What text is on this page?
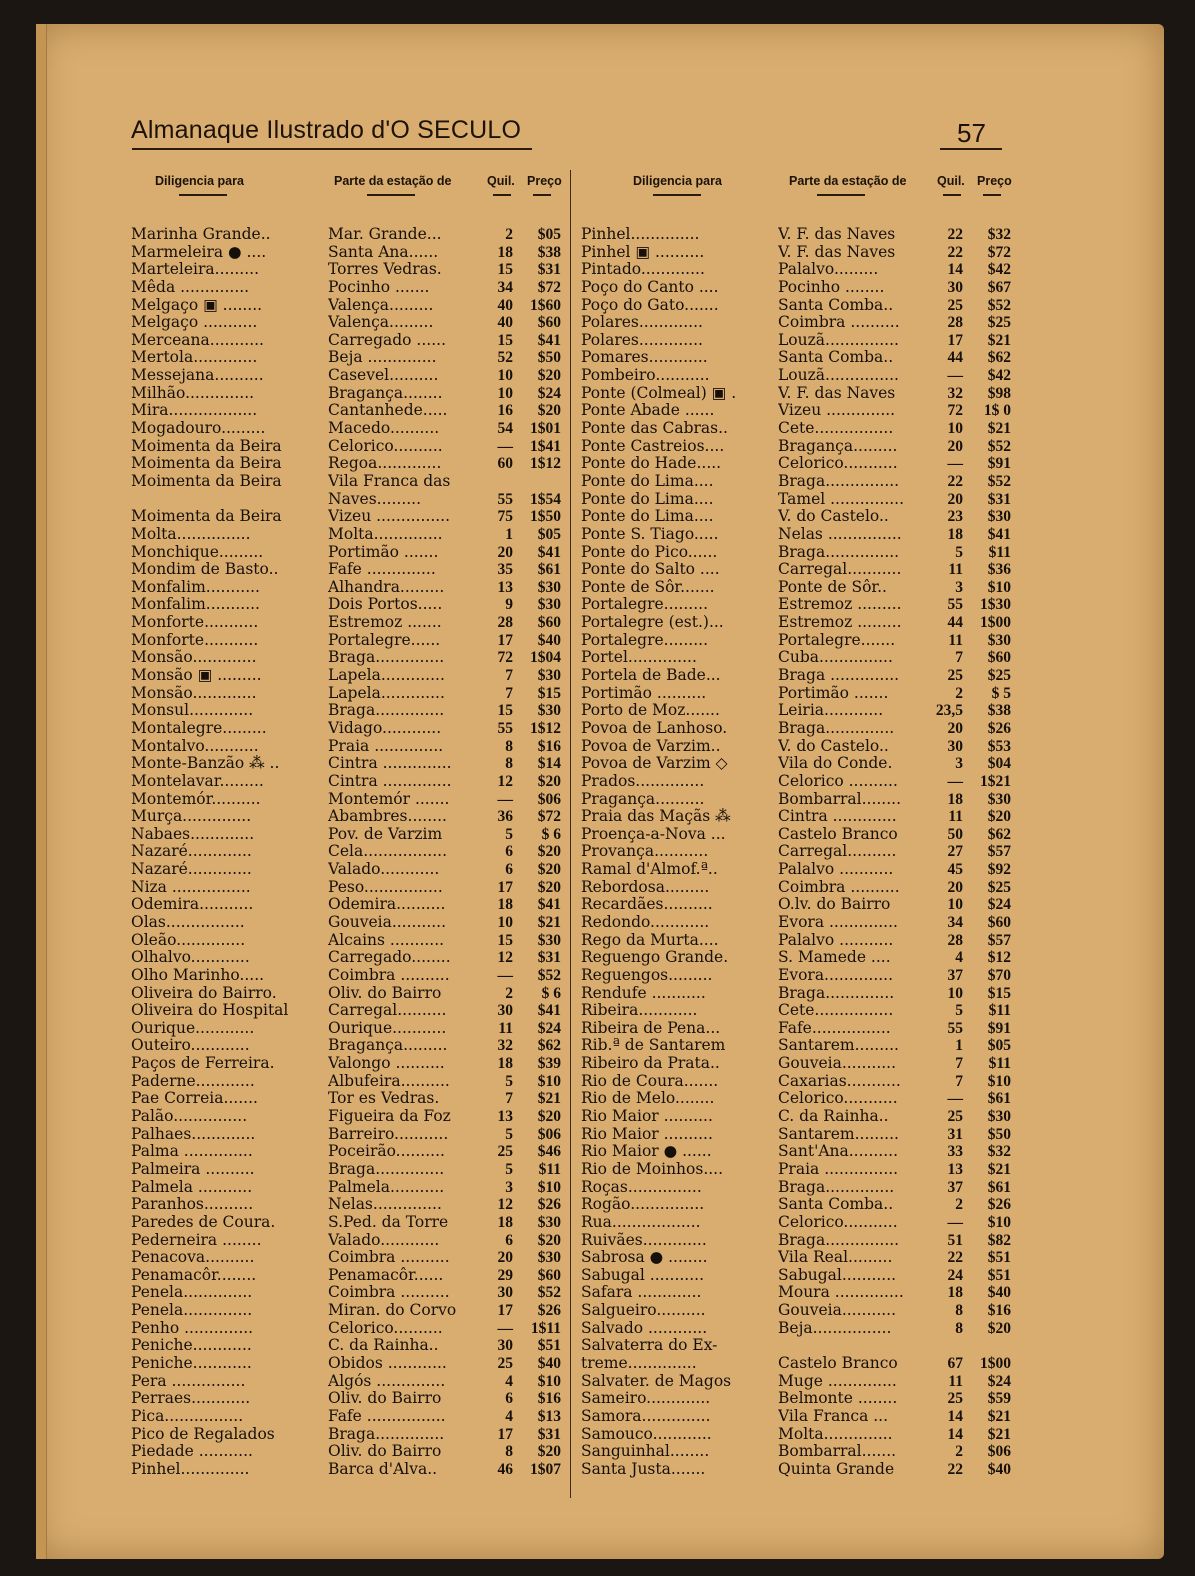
Almanaque Ilustrado d'O SECULO	57
Diligencia para	Parte da estação de	Quil. Preço
Marinha Grande..	Mar. Grande...	2	$05
Marmeleira ● ....	Santa Ana......	18	$38
Marteleira.........	Torres Vedras.	15	$31
Mêda ..............	Pocinho .......	34	$72
Melgaço ▣ ........	Valença.........	40	1$60
Melgaço ...........	Valença.........	40	$60
Merceana...........	Carregado ......	15	$41
Mertola.............	Beja ..............	52	$50
Messejana..........	Casevel..........	10	$20
Milhão..............	Bragança........	10	$24
Mira..................	Cantanhede.....	16	$20
Mogadouro.........	Macedo..........	54	1$01
Moimenta da Beira	Celorico..........	—	1$41
Moimenta da Beira	Regoa.............	60	1$12
Moimenta da Beira	Vila Franca das
Naves.........	55	1$54
Moimenta da Beira	Vizeu ...............	75	1$50
Molta...............	Molta..............	1	$05
Monchique.........	Portimão .......	20	$41
Mondim de Basto..	Fafe ..............	35	$61
Monfalim...........	Alhandra.........	13	$30
Monfalim...........	Dois Portos.....	9	$30
Monforte...........	Estremoz .......	28	$60
Monforte...........	Portalegre......	17	$40
Monsão.............	Braga..............	72	1$04
Monsão ▣ .........	Lapela.............	7	$30
Monsão.............	Lapela.............	7	$15
Monsul.............	Braga..............	15	$30
Montalegre.........	Vidago............	55	1$12
Montalvo...........	Praia ..............	8	$16
Monte-Banzão ⁂ ..	Cintra ..............	8	$14
Montelavar.........	Cintra ..............	12	$20
Montemór..........	Montemór .......	—	$06
Murça..............	Abambres........	36	$72
Nabaes.............	Pov. de Varzim	5	$ 6
Nazaré.............	Cela.................	6	$20
Nazaré.............	Valado............	6	$20
Niza ................	Peso................	17	$20
Odemira...........	Odemira..........	18	$41
Olas................	Gouveia...........	10	$21
Oleão..............	Alcains ...........	15	$30
Olhalvo............	Carregado........	12	$31
Olho Marinho.....	Coimbra ..........	—	$52
Oliveira do Bairro.	Oliv. do Bairro	2	$ 6
Oliveira do Hospital	Carregal..........	30	$41
Ourique............	Ourique...........	11	$24
Outeiro............	Bragança.........	32	$62
Paços de Ferreira.	Valongo ..........	18	$39
Paderne............	Albufeira..........	5	$10
Pae Correia.......	Tor es Vedras.	7	$21
Palão...............	Figueira da Foz	13	$20
Palhaes.............	Barreiro...........	5	$06
Palma ..............	Poceirão..........	25	$46
Palmeira ..........	Braga..............	5	$11
Palmela ...........	Palmela...........	3	$10
Paranhos..........	Nelas..............	12	$26
Paredes de Coura.	S.Ped. da Torre	18	$30
Pederneira ........	Valado............	6	$20
Penacova..........	Coimbra ..........	20	$30
Penamacôr........	Penamacôr......	29	$60
Penela..............	Coimbra ..........	30	$52
Penela..............	Miran. do Corvo	17	$26
Penho ..............	Celorico..........	—	1$11
Peniche............	C. da Rainha..	30	$51
Peniche............	Obidos ............	25	$40
Pera ...............	Algós ..............	4	$10
Perraes............	Oliv. do Bairro	6	$16
Pica................	Fafe ................	4	$13
Pico de Regalados	Braga..............	17	$31
Piedade ...........	Oliv. do Bairro	8	$20
Pinhel..............	Barca d'Alva..	46	1$07
Diligencia para	Parte da estação de Quil. Preço
Pinhel..............	V. F. das Naves	22	$32
Pinhel ▣ ..........	V. F. das Naves	22	$72
Pintado.............	Palalvo.........	14	$42
Poço do Canto ....	Pocinho ........	30	$67
Poço do Gato.......	Santa Comba..	25	$52
Polares.............	Coimbra ..........	28	$25
Polares.............	Louzã...............	17	$21
Pomares............	Santa Comba..	44	$62
Pombeiro...........	Louzã...............	—	$42
Ponte (Colmeal) ▣ .	V. F. das Naves	32	$98
Ponte Abade ......	Vizeu ..............	72	1$ 0
Ponte das Cabras..	Cete................	10	$21
Ponte Castreios....	Bragança.........	20	$52
Ponte do Hade.....	Celorico...........	—	$91
Ponte do Lima....	Braga...............	22	$52
Ponte do Lima....	Tamel ...............	20	$31
Ponte do Lima....	V. do Castelo..	23	$30
Ponte S. Tiago.....	Nelas ...............	18	$41
Ponte do Pico......	Braga...............	5	$11
Ponte do Salto ....	Carregal...........	11	$36
Ponte de Sôr.......	Ponte de Sôr..	3	$10
Portalegre.........	Estremoz .........	55	1$30
Portalegre (est.)...	Estremoz .........	44	1$00
Portalegre.........	Portalegre.......	11	$30
Portel..............	Cuba...............	7	$60
Portela de Bade...	Braga ..............	25	$25
Portimão ..........	Portimão .......	2	$ 5
Porto de Moz.......	Leiria............	23,5	$38
Povoa de Lanhoso.	Braga..............	20	$26
Povoa de Varzim..	V. do Castelo..	30	$53
Povoa de Varzim ◇	Vila do Conde.	3	$04
Prados..............	Celorico ..........	—	1$21
Pragança..........	Bombarral........	18	$30
Praia das Maçãs ⁂	Cintra .............	11	$20
Proença-a-Nova ...	Castelo Branco	50	$62
Provança...........	Carregal..........	27	$57
Ramal d'Almof.ª..	Palalvo ...........	45	$92
Rebordosa.........	Coimbra ..........	20	$25
Recardães..........	O.lv. do Bairro	10	$24
Redondo............	Evora ..............	34	$60
Rego da Murta....	Palalvo ...........	28	$57
Reguengo Grande.	S. Mamede ....	4	$12
Reguengos.........	Evora..............	37	$70
Rendufe ...........	Braga..............	10	$15
Ribeira............	Cete................	5	$11
Ribeira de Pena...	Fafe................	55	$91
Rib.ª de Santarem	Santarem.........	1	$05
Ribeiro da Prata..	Gouveia...........	7	$11
Rio de Coura.......	Caxarias...........	7	$10
Rio de Melo........	Celorico...........	—	$61
Rio Maior ..........	C. da Rainha..	25	$30
Rio Maior ..........	Santarem.........	31	$50
Rio Maior ● ......	Sant'Ana..........	33	$32
Rio de Moinhos....	Praia ...............	13	$21
Roças...............	Braga..............	37	$61
Rogão...............	Santa Comba..	2	$26
Rua..................	Celorico...........	—	$10
Ruivães.............	Braga...............	51	$82
Sabrosa ● ........	Vila Real.........	22	$51
Sabugal ...........	Sabugal...........	24	$51
Safara .............	Moura ..............	18	$40
Salgueiro..........	Gouveia...........	8	$16
Salvado ............	Beja................	8	$20
Salvaterra do Ex-
treme..............	Castelo Branco	67	1$00
Salvater. de Magos	Muge ..............	11	$24
Sameiro.............	Belmonte ........	25	$59
Samora..............	Vila Franca ...	14	$21
Samouco............	Molta..............	14	$21
Sanguinhal........	Bombarral.......	2	$06
Santa Justa.......	Quinta Grande	22	$40
